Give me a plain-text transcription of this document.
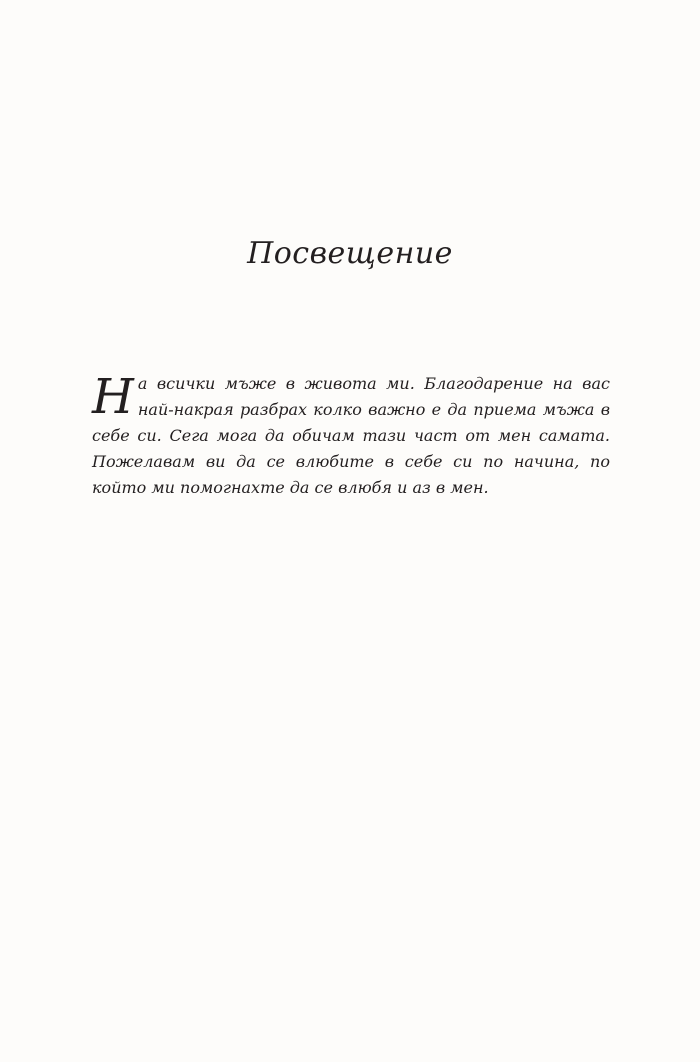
Посвещение

На всички мъже в живота ми. Благодарение на вас най-накрая разбрах колко важно е да приема мъжа в себе си. Сега мога да обичам тази част от мен самата. Пожелавам ви да се влюбите в себе си по начина, по който ми помогнахте да се влюбя и аз в мен.
